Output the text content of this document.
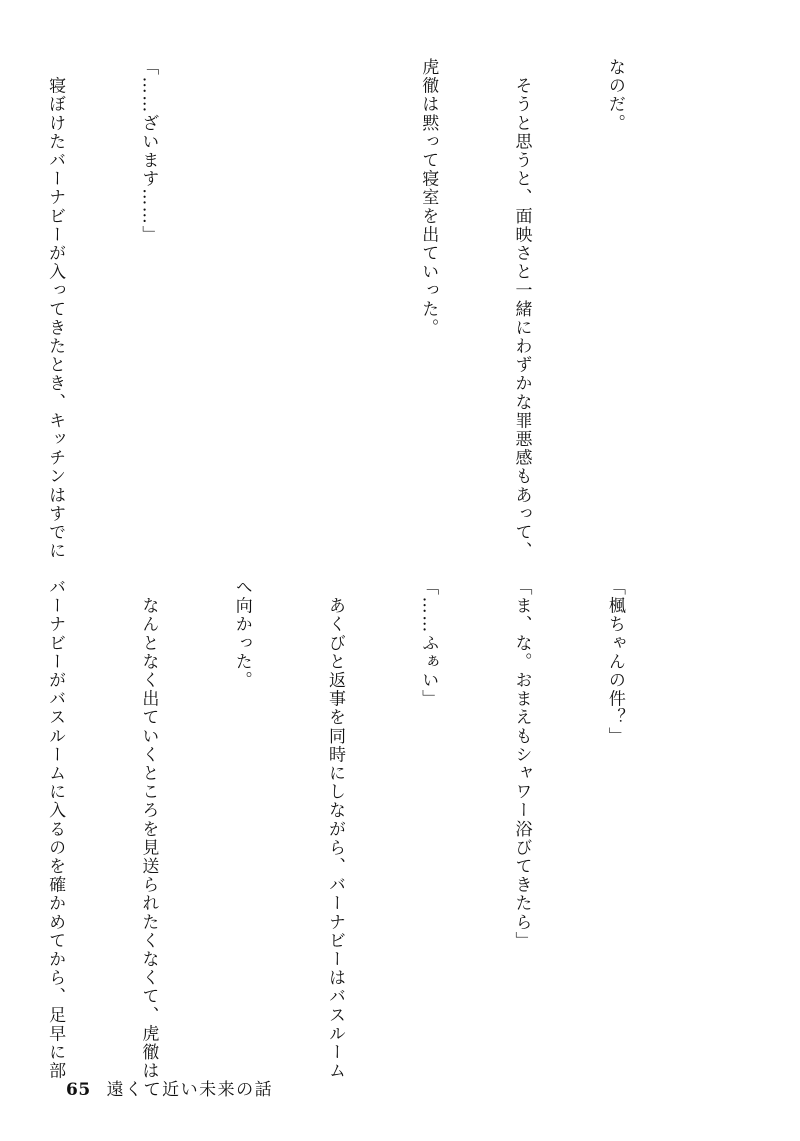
なのだ。

　そうと思うと、面映さと一緒にわずかな罪悪感もあって、

虎徹は黙って寝室を出ていった。

「……ざいます……」

　寝ぼけたバーナビーが入ってきたとき、キッチンはすでに

「楓ちゃんの件？」

「ま、な。おまえもシャワー浴びてきたら」

「……ふぁい」

　あくびと返事を同時にしながら、バーナビーはバスルーム

へ向かった。

　なんとなく出ていくところを見送られたくなくて、虎徹は

バーナビーがバスルームに入るのを確かめてから、足早に部

65 遠くて近い未来の話
